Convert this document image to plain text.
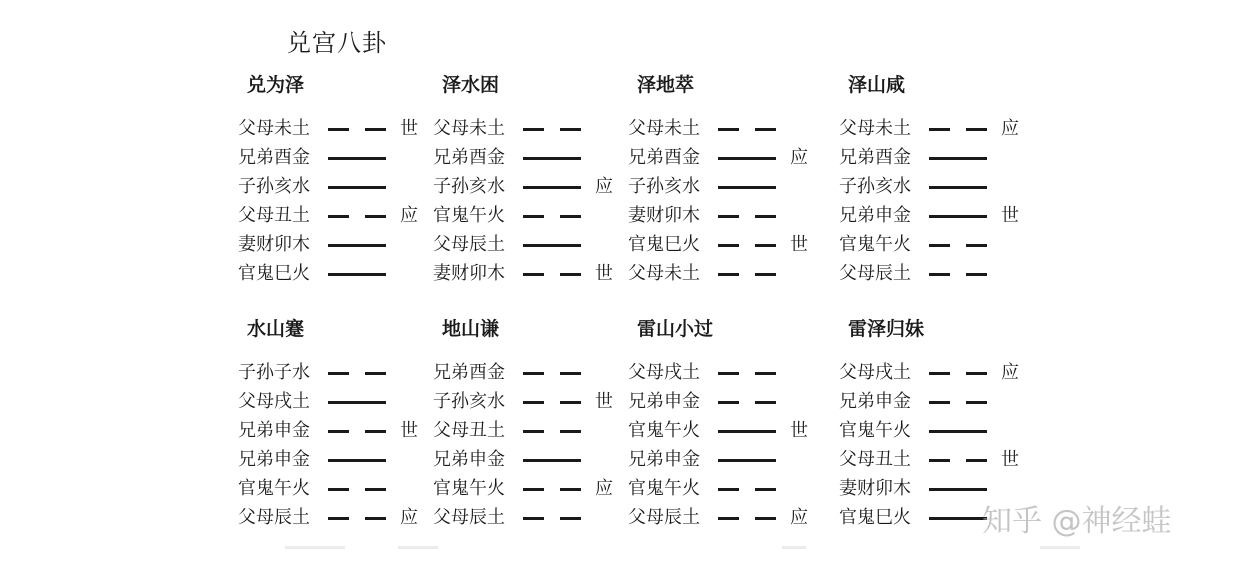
兑宫八卦
兑为泽
父母未土	世
兄弟酉金
子孙亥水
父母丑土	应
妻财卯木
官鬼巳火
泽水困
父母未土
兄弟酉金
子孙亥水	应
官鬼午火
父母辰土
妻财卯木	世
泽地萃
父母未土
兄弟酉金	应
子孙亥水
妻财卯木
官鬼巳火	世
父母未土
泽山咸
父母未土	应
兄弟酉金
子孙亥水
兄弟申金	世
官鬼午火
父母辰土
水山蹇
子孙子水
父母戌土
兄弟申金	世
兄弟申金
官鬼午火
父母辰土	应
地山谦
兄弟酉金
子孙亥水	世
父母丑土
兄弟申金
官鬼午火	应
父母辰土
雷山小过
父母戌土
兄弟申金
官鬼午火	世
兄弟申金
官鬼午火
父母辰土	应
雷泽归妹
父母戌土	应
兄弟申金
官鬼午火
父母丑土	世
妻财卯木
官鬼巳火 知乎 @神经蛙
